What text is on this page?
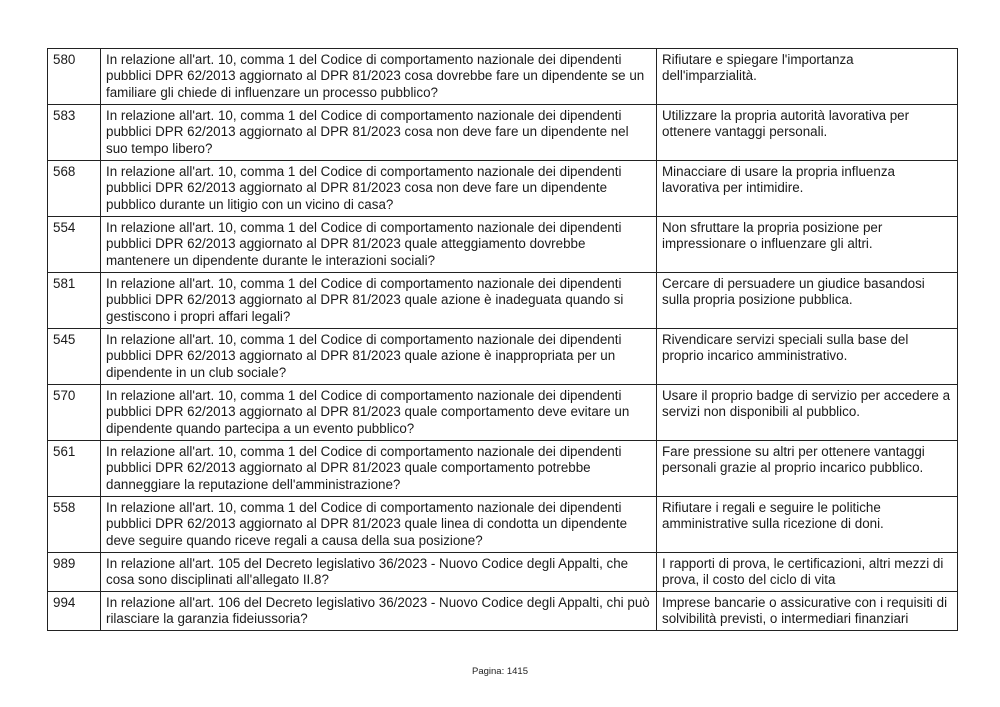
580	In relazione all'art. 10, comma 1 del Codice di comportamento nazionale dei dipendenti pubblici DPR 62/2013 aggiornato al DPR 81/2023 cosa dovrebbe fare un dipendente se un familiare gli chiede di influenzare un processo pubblico?	Rifiutare e spiegare l'importanza dell'imparzialità.
583	In relazione all'art. 10, comma 1 del Codice di comportamento nazionale dei dipendenti pubblici DPR 62/2013 aggiornato al DPR 81/2023 cosa non deve fare un dipendente nel suo tempo libero?	Utilizzare la propria autorità lavorativa per ottenere vantaggi personali.
568	In relazione all'art. 10, comma 1 del Codice di comportamento nazionale dei dipendenti pubblici DPR 62/2013 aggiornato al DPR 81/2023 cosa non deve fare un dipendente pubblico durante un litigio con un vicino di casa?	Minacciare di usare la propria influenza lavorativa per intimidire.
554	In relazione all'art. 10, comma 1 del Codice di comportamento nazionale dei dipendenti pubblici DPR 62/2013 aggiornato al DPR 81/2023 quale atteggiamento dovrebbe mantenere un dipendente durante le interazioni sociali?	Non sfruttare la propria posizione per impressionare o influenzare gli altri.
581	In relazione all'art. 10, comma 1 del Codice di comportamento nazionale dei dipendenti pubblici DPR 62/2013 aggiornato al DPR 81/2023 quale azione è inadeguata quando si gestiscono i propri affari legali?	Cercare di persuadere un giudice basandosi sulla propria posizione pubblica.
545	In relazione all'art. 10, comma 1 del Codice di comportamento nazionale dei dipendenti pubblici DPR 62/2013 aggiornato al DPR 81/2023 quale azione è inappropriata per un dipendente in un club sociale?	Rivendicare servizi speciali sulla base del proprio incarico amministrativo.
570	In relazione all'art. 10, comma 1 del Codice di comportamento nazionale dei dipendenti pubblici DPR 62/2013 aggiornato al DPR 81/2023 quale comportamento deve evitare un dipendente quando partecipa a un evento pubblico?	Usare il proprio badge di servizio per accedere a servizi non disponibili al pubblico.
561	In relazione all'art. 10, comma 1 del Codice di comportamento nazionale dei dipendenti pubblici DPR 62/2013 aggiornato al DPR 81/2023 quale comportamento potrebbe danneggiare la reputazione dell'amministrazione?	Fare pressione su altri per ottenere vantaggi personali grazie al proprio incarico pubblico.
558	In relazione all'art. 10, comma 1 del Codice di comportamento nazionale dei dipendenti pubblici DPR 62/2013 aggiornato al DPR 81/2023 quale linea di condotta un dipendente deve seguire quando riceve regali a causa della sua posizione?	Rifiutare i regali e seguire le politiche amministrative sulla ricezione di doni.
989	In relazione all'art. 105 del Decreto legislativo 36/2023 - Nuovo Codice degli Appalti, che cosa sono disciplinati all'allegato II.8?	I rapporti di prova, le certificazioni, altri mezzi di prova, il costo del ciclo di vita
994	In relazione all'art. 106 del Decreto legislativo 36/2023 - Nuovo Codice degli Appalti, chi può rilasciare la garanzia fideiussoria?	Imprese bancarie o assicurative con i requisiti di solvibilità previsti, o intermediari finanziari
Pagina: 1415
